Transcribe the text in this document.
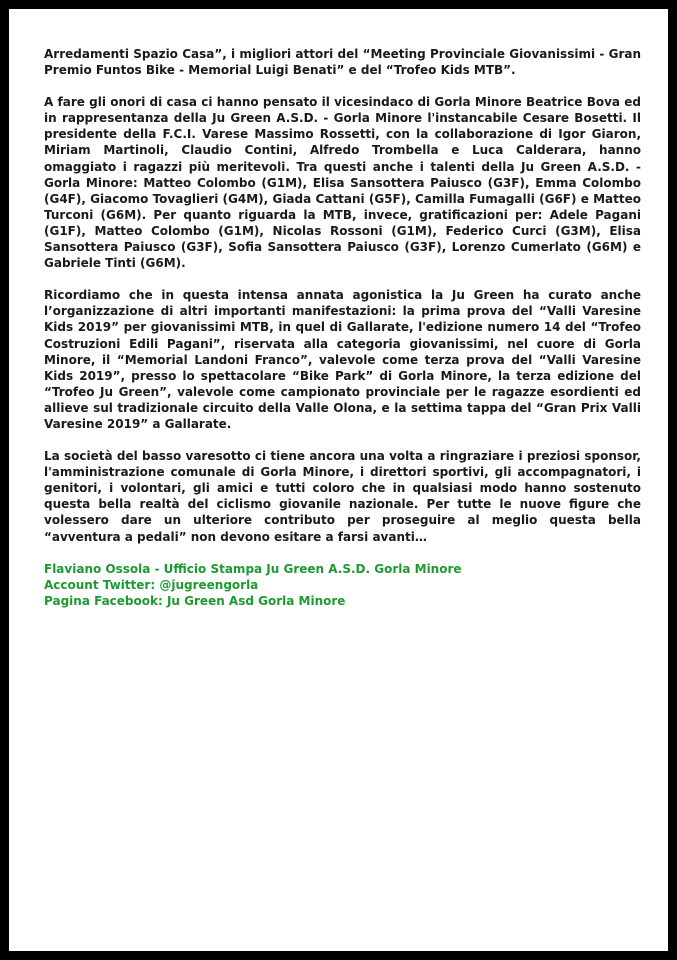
Arredamenti Spazio Casa”, i migliori attori del “Meeting Provinciale Giovanissimi - Gran Premio Funtos Bike - Memorial Luigi Benati” e del “Trofeo Kids MTB”.

A fare gli onori di casa ci hanno pensato il vicesindaco di Gorla Minore Beatrice Bova ed in rappresentanza della Ju Green A.S.D. - Gorla Minore l'instancabile Cesare Bosetti. Il presidente della F.C.I. Varese Massimo Rossetti, con la collaborazione di Igor Giaron, Miriam Martinoli, Claudio Contini, Alfredo Trombella e Luca Calderara, hanno omaggiato i ragazzi più meritevoli. Tra questi anche i talenti della Ju Green A.S.D. - Gorla Minore: Matteo Colombo (G1M), Elisa Sansottera Paiusco (G3F), Emma Colombo (G4F), Giacomo Tovaglieri (G4M), Giada Cattani (G5F), Camilla Fumagalli (G6F) e Matteo Turconi (G6M). Per quanto riguarda la MTB, invece, gratificazioni per: Adele Pagani (G1F), Matteo Colombo (G1M), Nicolas Rossoni (G1M), Federico Curci (G3M), Elisa Sansottera Paiusco (G3F), Sofia Sansottera Paiusco (G3F), Lorenzo Cumerlato (G6M) e Gabriele Tinti (G6M).

Ricordiamo che in questa intensa annata agonistica la Ju Green ha curato anche l’organizzazione di altri importanti manifestazioni: la prima prova del “Valli Varesine Kids 2019” per giovanissimi MTB, in quel di Gallarate, l'edizione numero 14 del “Trofeo Costruzioni Edili Pagani”, riservata alla categoria giovanissimi, nel cuore di Gorla Minore, il “Memorial Landoni Franco”, valevole come terza prova del “Valli Varesine Kids 2019”, presso lo spettacolare “Bike Park” di Gorla Minore, la terza edizione del “Trofeo Ju Green”, valevole come campionato provinciale per le ragazze esordienti ed allieve sul tradizionale circuito della Valle Olona, e la settima tappa del “Gran Prix Valli Varesine 2019” a Gallarate.

La società del basso varesotto ci tiene ancora una volta a ringraziare i preziosi sponsor, l'amministrazione comunale di Gorla Minore, i direttori sportivi, gli accompagnatori, i genitori, i volontari, gli amici e tutti coloro che in qualsiasi modo hanno sostenuto questa bella realtà del ciclismo giovanile nazionale. Per tutte le nuove figure che volessero dare un ulteriore contributo per proseguire al meglio questa bella “avventura a pedali” non devono esitare a farsi avanti…

Flaviano Ossola - Ufficio Stampa Ju Green A.S.D. Gorla Minore

Account Twitter: @jugreengorla

Pagina Facebook: Ju Green Asd Gorla Minore
